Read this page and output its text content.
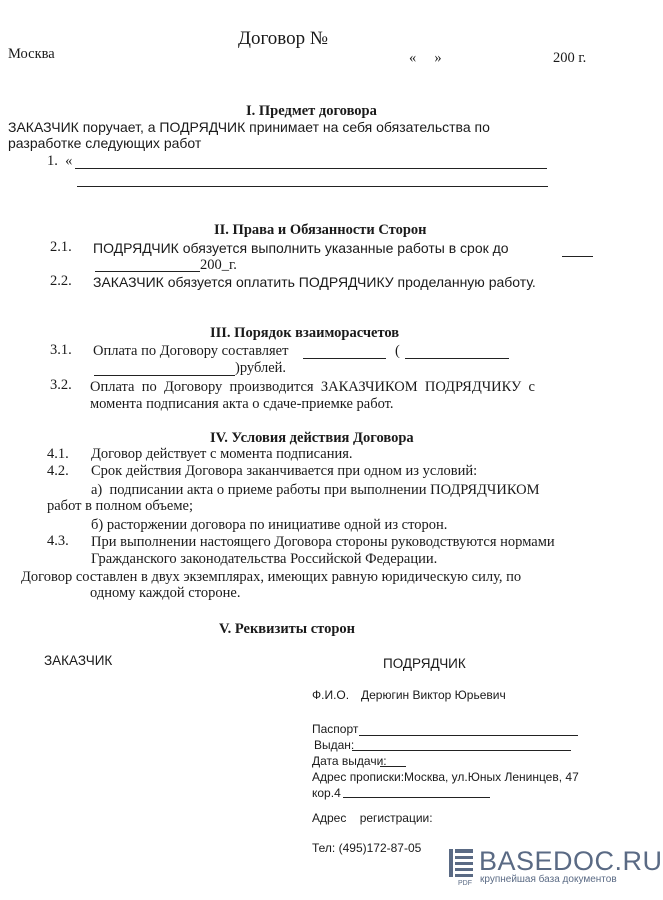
Договор №
Москва	«     »	200 г.
I. Предмет договора
ЗАКАЗЧИК поручает, а ПОДРЯДЧИК принимает на себя обязательства по
разработке следующих работ
1.  «
II. Права и Обязанности Сторон
2.1. ПОДРЯДЧИК обязуется выполнить указанные работы в срок до
200_г.
2.2. ЗАКАЗЧИК обязуется оплатить ПОДРЯДЧИКУ проделанную работу.
III. Порядок взаиморасчетов
3.1. Оплата по Договору составляет	(
)рублей.
3.2. Оплата  по  Договору  производится  ЗАКАЗЧИКОМ  ПОДРЯДЧИКУ  с
момента подписания акта о сдаче-приемке работ.
IV. Условия действия Договора
4.1. Договор действует с момента подписания.
4.2. Срок действия Договора заканчивается при одном из условий:
а)  подписании акта о приеме работы при выполнении ПОДРЯДЧИКОМ
работ в полном объеме;
б) расторжении договора по инициативе одной из сторон.
4.3. При выполнении настоящего Договора стороны руководствуются нормами
Гражданского законодательства Российской Федерации.
Договор составлен в двух экземплярах, имеющих равную юридическую силу, по
одному каждой стороне.
V. Реквизиты сторон
ЗАКАЗЧИК	ПОДРЯДЧИК
Ф.И.О. Дерюгин Виктор Юрьевич
Паспорт
Выдан:
Дата выдачи:
Адрес прописки:Москва, ул.Юных Ленинцев, 47
кор.4
Адрес    регистрации:
Тел: (495)172-87-05
PDF
BASEDOC.RU
крупнейшая база документов
